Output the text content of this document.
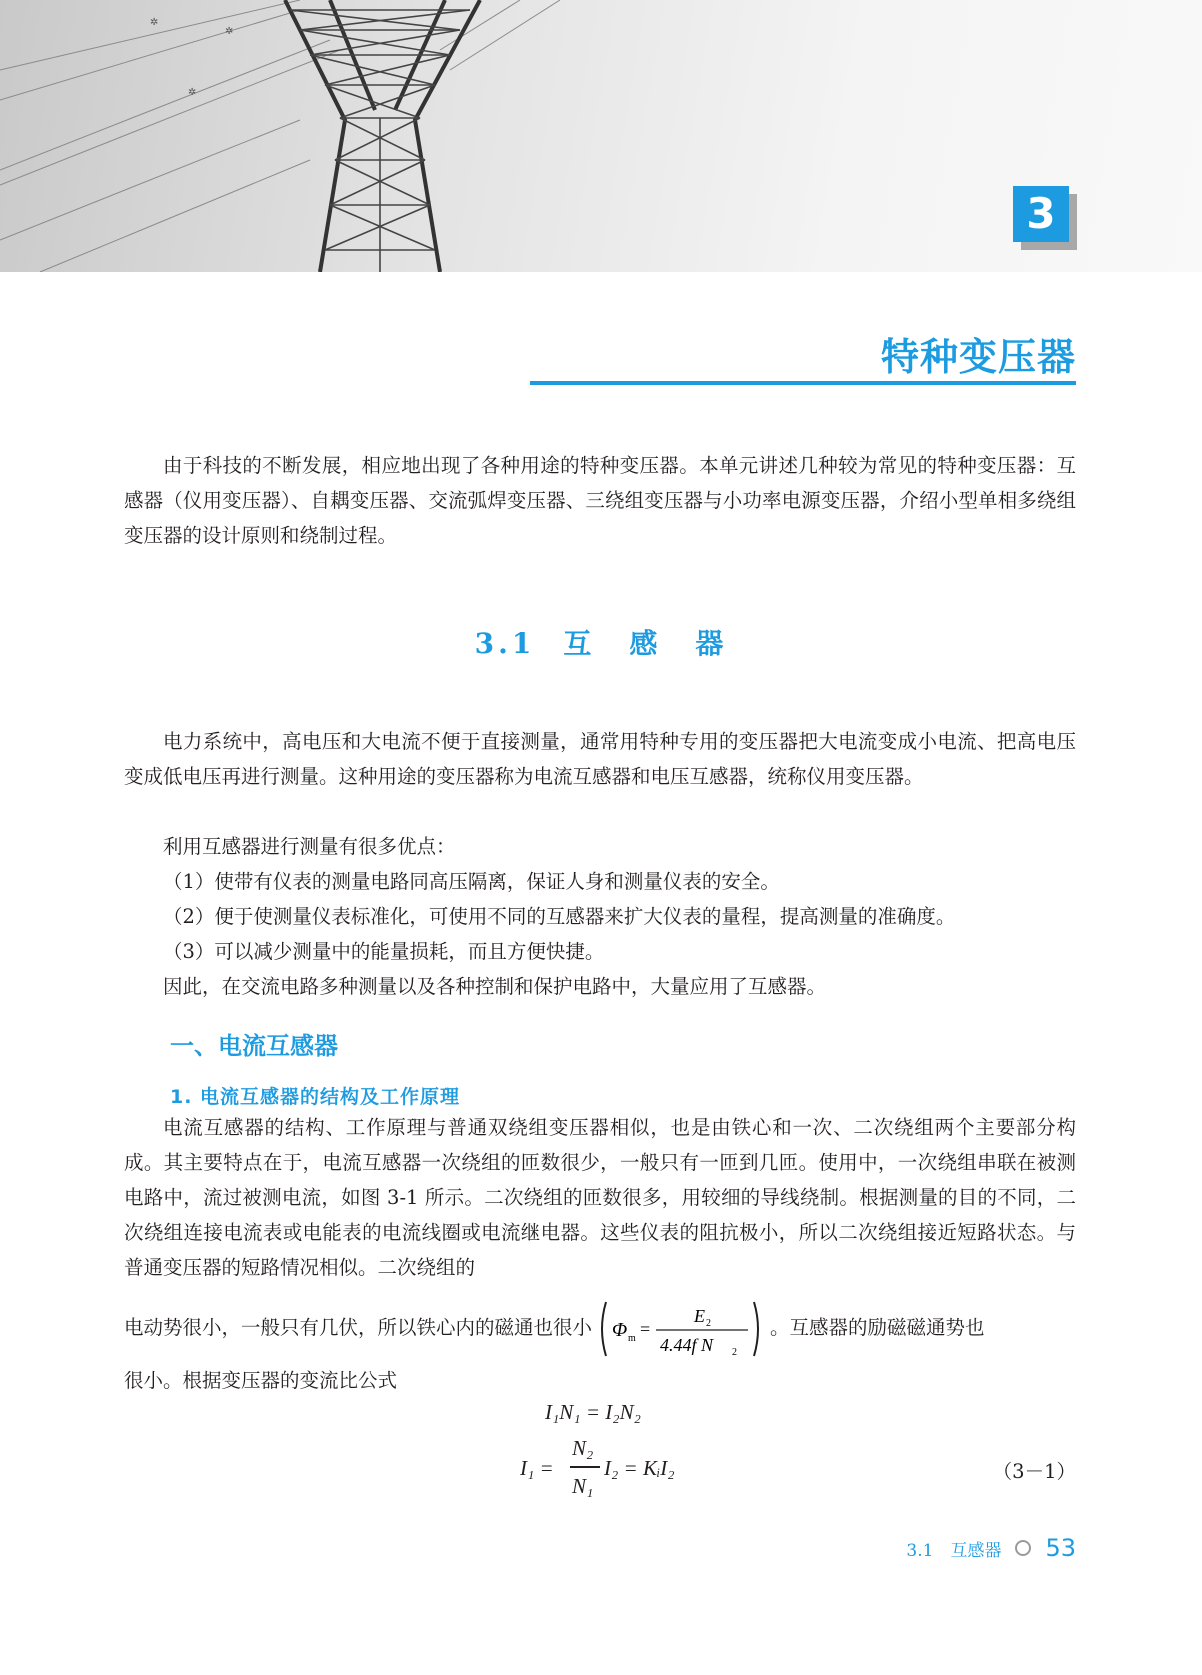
✲
✲
✲
3
特种变压器

由于科技的不断发展，相应地出现了各种用途的特种变压器。本单元讲述几种较为常见的特种变压器：互感器（仪用变压器）、自耦变压器、交流弧焊变压器、三绕组变压器与小功率电源变压器，介绍小型单相多绕组变压器的设计原则和绕制过程。

3.1 互 感 器

电力系统中，高电压和大电流不便于直接测量，通常用特种专用的变压器把大电流变成小电流、把高电压变成低电压再进行测量。这种用途的变压器称为电流互感器和电压互感器，统称仪用变压器。

利用互感器进行测量有很多优点：

（1）使带有仪表的测量电路同高压隔离，保证人身和测量仪表的安全。

（2）便于使测量仪表标准化，可使用不同的互感器来扩大仪表的量程，提高测量的准确度。

（3）可以减少测量中的能量损耗，而且方便快捷。

因此，在交流电路多种测量以及各种控制和保护电路中，大量应用了互感器。

一、电流互感器
1. 电流互感器的结构及工作原理

电流互感器的结构、工作原理与普通双绕组变压器相似，也是由铁心和一次、二次绕组两个主要部分构成。其主要特点在于，电流互感器一次绕组的匝数很少，一般只有一匝到几匝。使用中，一次绕组串联在被测电路中，流过被测电流，如图 3-1 所示。二次绕组的匝数很多，用较细的导线绕制。根据测量的目的不同，二次绕组连接电流表或电能表的电流线圈或电流继电器。这些仪表的阻抗极小，所以二次绕组接近短路状态。与普通变压器的短路情况相似。二次绕组的

电动势很小，一般只有几伏，所以铁心内的磁通也很小 Φ m =
E 2
4.44f N 2
。互感器的励磁磁通势也

很小。根据变压器的变流比公式

I₁N₁ = I₂N₂
I₁ =
N₂
N₁
I₂ = KᵢI₂	（3－1）
3.1　互感器 53
